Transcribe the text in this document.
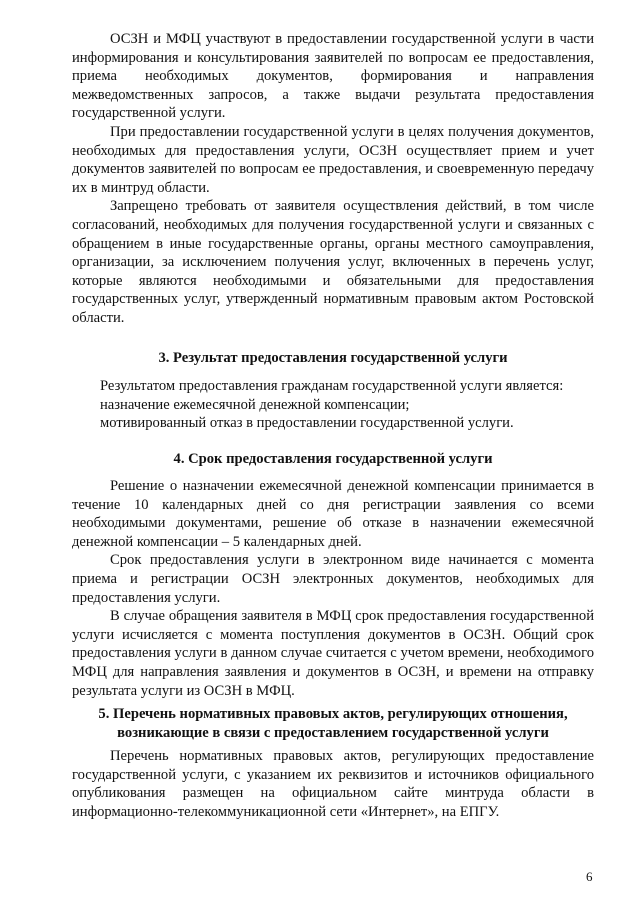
ОСЗН и МФЦ участвуют в предоставлении государственной услуги в части информирования и консультирования заявителей по вопросам ее предоставления, приема необходимых документов, формирования и направления межведомственных запросов, а также выдачи результата предоставления государственной услуги.

При предоставлении государственной услуги в целях получения документов, необходимых для предоставления услуги, ОСЗН осуществляет прием и учет документов заявителей по вопросам ее предоставления, и своевременную передачу их в минтруд области.

Запрещено требовать от заявителя осуществления действий, в том числе согласований, необходимых для получения государственной услуги и связанных с обращением в иные государственные органы, органы местного самоуправления, организации, за исключением получения услуг, включенных в перечень услуг, которые являются необходимыми и обязательными для предоставления государственных услуг, утвержденный нормативным правовым актом Ростовской области.

3. Результат предоставления государственной услуги

Результатом предоставления гражданам государственной услуги является:

назначение ежемесячной денежной компенсации;

мотивированный отказ в предоставлении государственной услуги.

4. Срок предоставления государственной услуги

Решение о назначении ежемесячной денежной компенсации принимается в течение 10 календарных дней со дня регистрации заявления со всеми необходимыми документами, решение об отказе в назначении ежемесячной денежной компенсации – 5 календарных дней.

Срок предоставления услуги в электронном виде начинается с момента приема и регистрации ОСЗН электронных документов, необходимых для предоставления услуги.

В случае обращения заявителя в МФЦ срок предоставления государственной услуги исчисляется с момента поступления документов в ОСЗН. Общий срок предоставления услуги в данном случае считается с учетом времени, необходимого МФЦ для направления заявления и документов в ОСЗН, и времени на отправку результата услуги из ОСЗН в МФЦ.

5. Перечень нормативных правовых актов, регулирующих отношения,

возникающие в связи с предоставлением государственной услуги

Перечень нормативных правовых актов, регулирующих предоставление государственной услуги, с указанием их реквизитов и источников официального опубликования размещен на официальном сайте минтруда области в информационно-телекоммуникационной сети «Интернет», на ЕПГУ.

6
